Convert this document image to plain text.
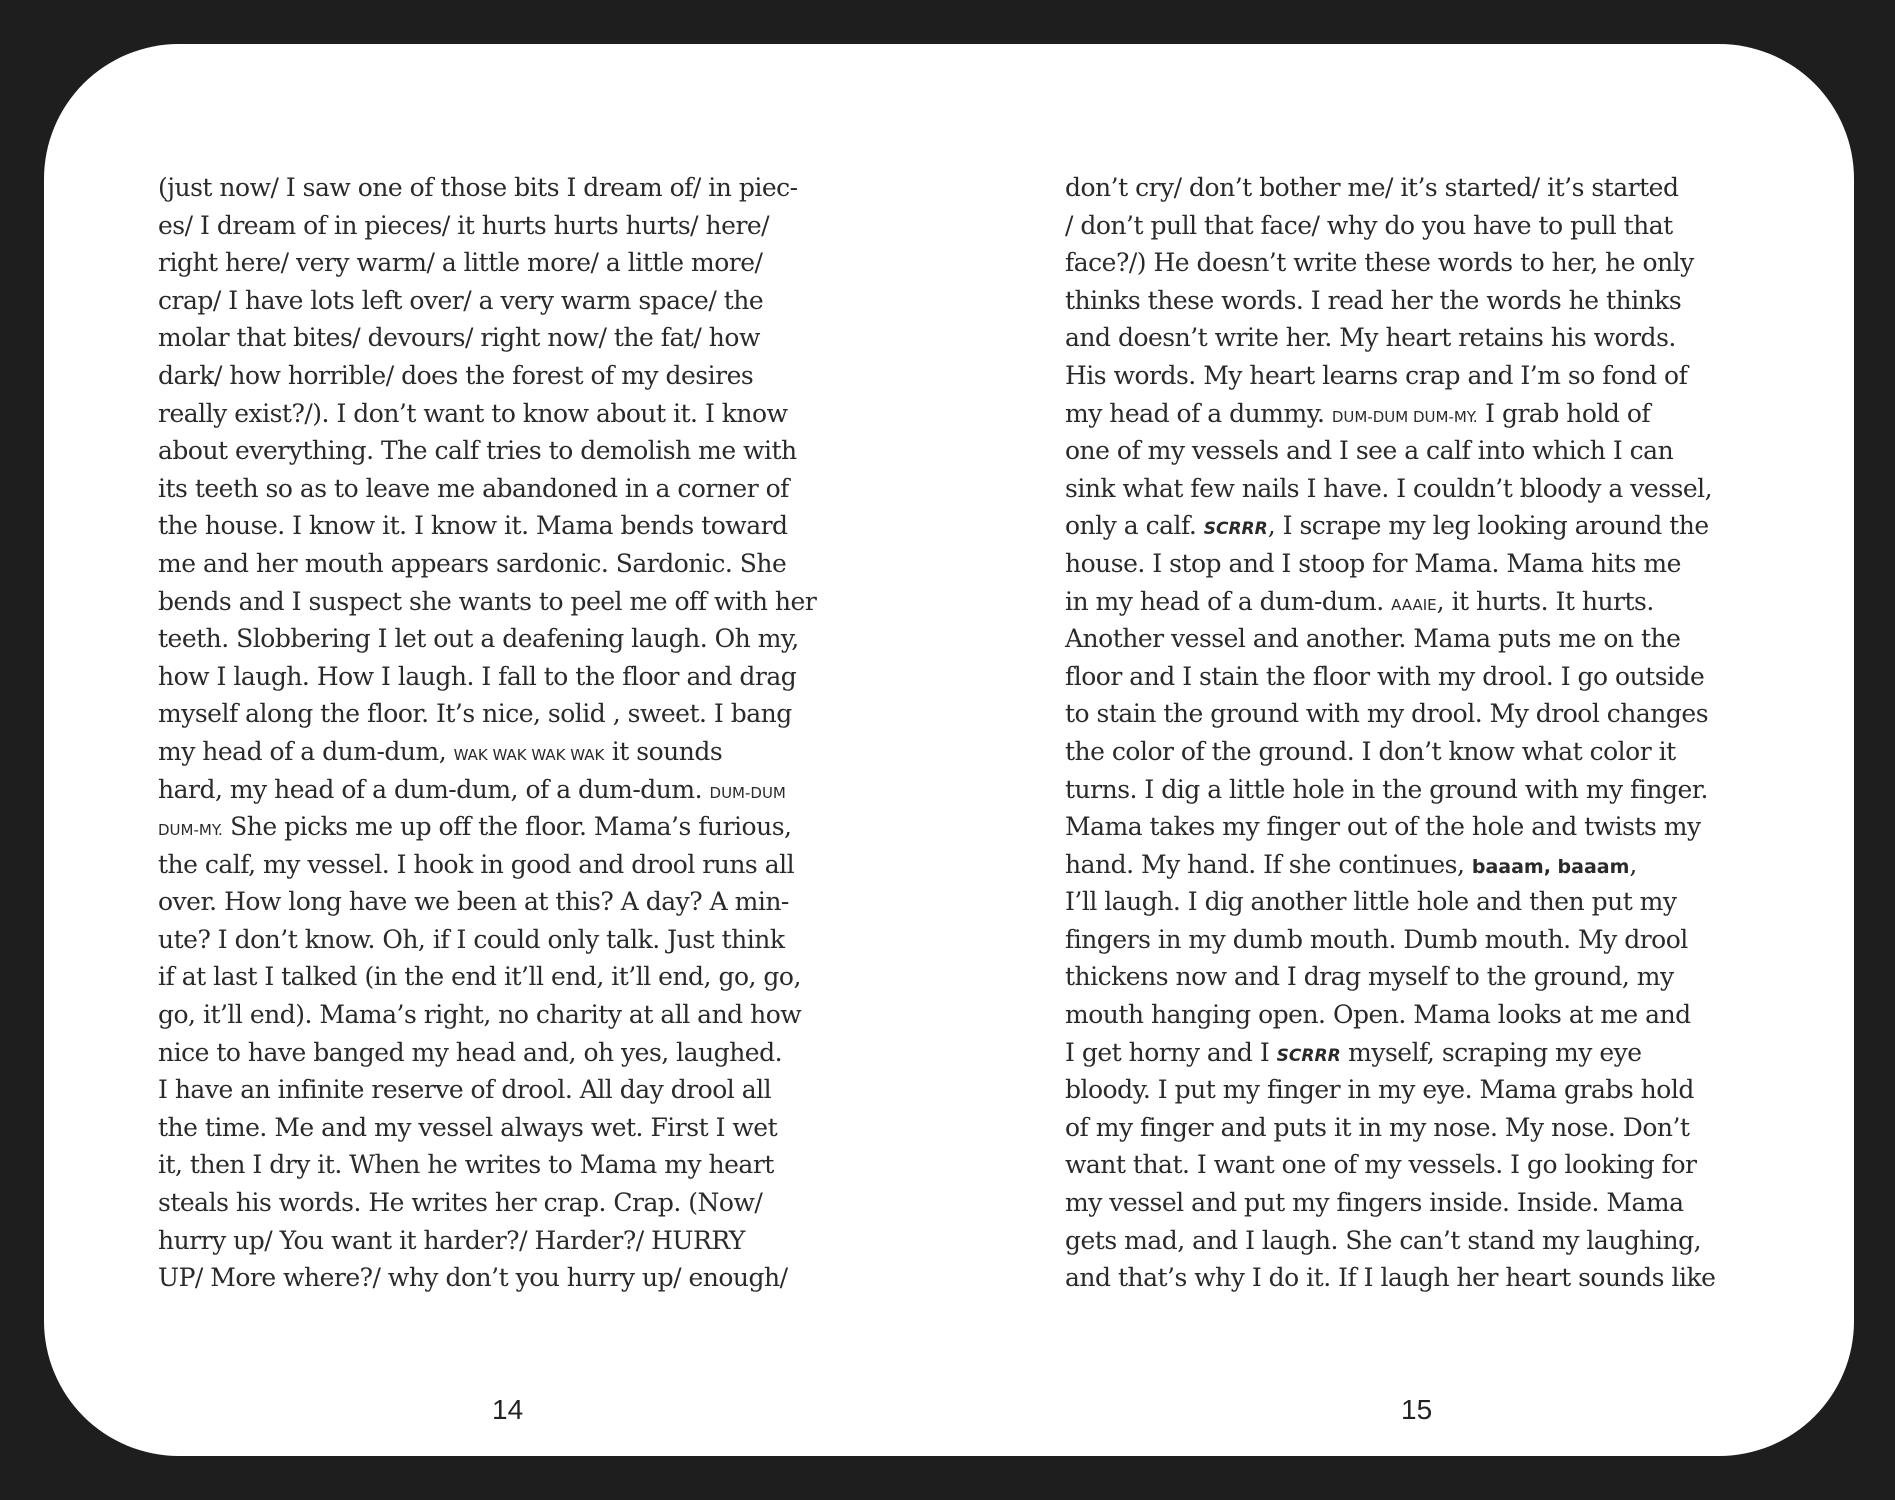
(just now/ I saw one of those bits I dream of/ in piec-
es/ I dream of in pieces/ it hurts hurts hurts/ here/
right here/ very warm/ a little more/ a little more/
crap/ I have lots left over/ a very warm space/ the
molar that bites/ devours/ right now/ the fat/ how
dark/ how horrible/ does the forest of my desires
really exist?/). I don’t want to know about it. I know
about everything. The calf tries to demolish me with
its teeth so as to leave me abandoned in a corner of
the house. I know it. I know it. Mama bends toward
me and her mouth appears sardonic. Sardonic. She
bends and I suspect she wants to peel me off with her
teeth. Slobbering I let out a deafening laugh. Oh my,
how I laugh. How I laugh. I fall to the floor and drag
myself along the floor. It’s nice, solid , sweet. I bang
my head of a dum-dum, WAK WAK WAK WAK it sounds
hard, my head of a dum-dum, of a dum-dum. DUM-DUM
DUM-MY. She picks me up off the floor. Mama’s furious,
the calf, my vessel. I hook in good and drool runs all
over. How long have we been at this? A day? A min-
ute? I don’t know. Oh, if I could only talk. Just think
if at last I talked (in the end it’ll end, it’ll end, go, go,
go, it’ll end). Mama’s right, no charity at all and how
nice to have banged my head and, oh yes, laughed.
I have an infinite reserve of drool. All day drool all
the time. Me and my vessel always wet. First I wet
it, then I dry it. When he writes to Mama my heart
steals his words. He writes her crap. Crap. (Now/
hurry up/ You want it harder?/ Harder?/ HURRY
UP/ More where?/ why don’t you hurry up/ enough/
don’t cry/ don’t bother me/ it’s started/ it’s started
/ don’t pull that face/ why do you have to pull that
face?/) He doesn’t write these words to her, he only
thinks these words. I read her the words he thinks
and doesn’t write her. My heart retains his words.
His words. My heart learns crap and I’m so fond of
my head of a dummy. DUM-DUM DUM-MY. I grab hold of
one of my vessels and I see a calf into which I can
sink what few nails I have. I couldn’t bloody a vessel,
only a calf. SCRRR, I scrape my leg looking around the
house. I stop and I stoop for Mama. Mama hits me
in my head of a dum-dum. AAAIE, it hurts. It hurts.
Another vessel and another. Mama puts me on the
floor and I stain the floor with my drool. I go outside
to stain the ground with my drool. My drool changes
the color of the ground. I don’t know what color it
turns. I dig a little hole in the ground with my finger.
Mama takes my finger out of the hole and twists my
hand. My hand. If she continues, baaam, baaam,
I’ll laugh. I dig another little hole and then put my
fingers in my dumb mouth. Dumb mouth. My drool
thickens now and I drag myself to the ground, my
mouth hanging open. Open. Mama looks at me and
I get horny and I SCRRR myself, scraping my eye
bloody. I put my finger in my eye. Mama grabs hold
of my finger and puts it in my nose. My nose. Don’t
want that. I want one of my vessels. I go looking for
my vessel and put my fingers inside. Inside. Mama
gets mad, and I laugh. She can’t stand my laughing,
and that’s why I do it. If I laugh her heart sounds like
14	15
